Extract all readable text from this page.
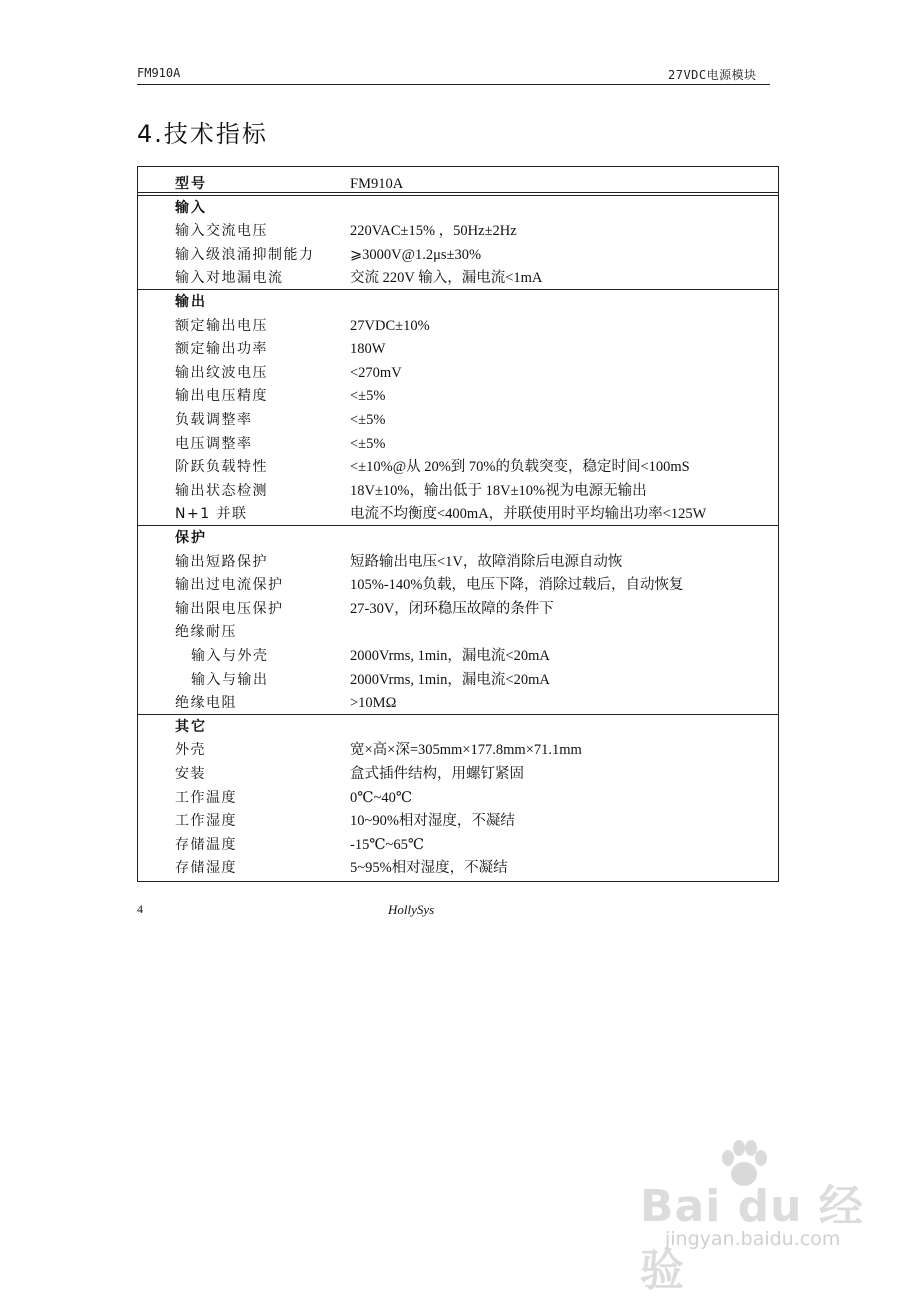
FM910A	27VDC电源模块
4.技术指标
型号	FM910A
输入
输入交流电压	220VAC±15% ，50Hz±2Hz
输入级浪涌抑制能力 ⩾3000V@1.2μs±30%
输入对地漏电流	交流 220V 输入，漏电流<1mA
输出
额定输出电压	27VDC±10%
额定输出功率	180W
输出纹波电压	<270mV
输出电压精度	<±5%
负载调整率	<±5%
电压调整率	<±5%
阶跃负载特性	<±10%@从 20%到 70%的负载突变，稳定时间<100mS
输出状态检测	18V±10%，输出低于 18V±10%视为电源无输出
N+1 并联	电流不均衡度<400mA，并联使用时平均输出功率<125W
保护
输出短路保护	短路输出电压<1V，故障消除后电源自动恢
输出过电流保护	105%-140%负载，电压下降，消除过载后，自动恢复
输出限电压保护	27-30V，闭环稳压故障的条件下
绝缘耐压
输入与外壳	2000Vrms, 1min，漏电流<20mA
输入与输出	2000Vrms, 1min，漏电流<20mA
绝缘电阻	>10MΩ
其它
外壳	宽×高×深=305mm×177.8mm×71.1mm
安装	盒式插件结构，用螺钉紧固
工作温度	0℃~40℃
工作湿度	10~90%相对湿度，不凝结
存储温度	-15℃~65℃
存储湿度	5~95%相对湿度，不凝结
4	HollySys
Bai du 经验
jingyan.baidu.com
